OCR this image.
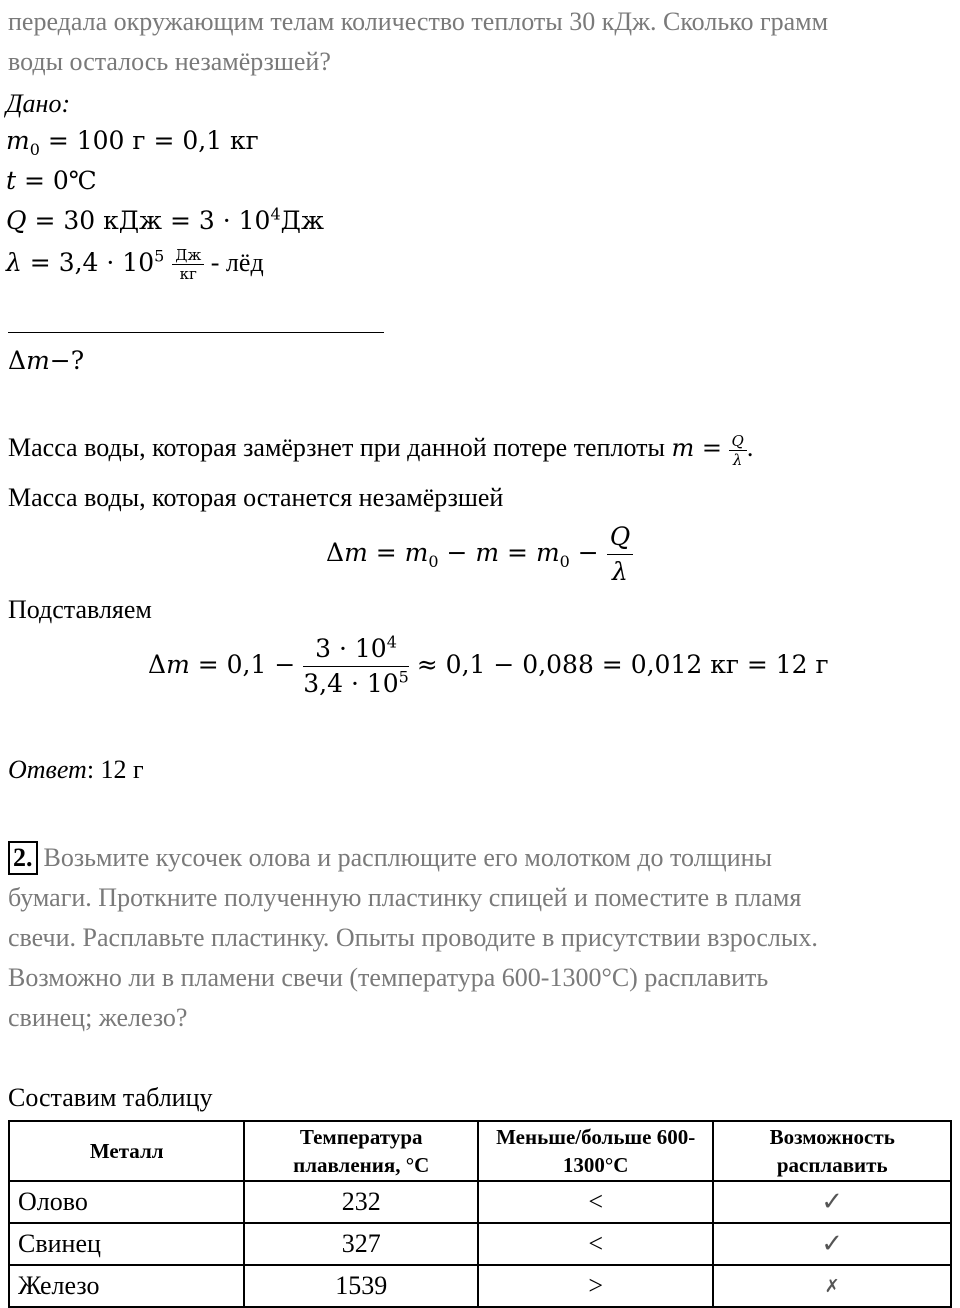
передала окружающим телам количество теплоты 30 кДж. Сколько грамм
воды осталось незамёрзшей?
Дано:
$m_0 = 100$ г = 0,1 кг
t = 0℃
Q = 30 кДж = $3 \cdot 10^4Дж$
$\lambda = 3,4 \cdot 10^5 \frac{Дж}{кг}$ - лёд
Δm−?
Масса воды, которая замёрзнет при данной потере теплоты $m = \frac{Q}{\lambda}$ .
Масса воды, которая останется незамёрзшей
$\Delta m = m_0 - m = m_0 - \frac{Q}{\lambda}$
Подставляем
$\Delta m = 0,1 - \frac{3 \cdot 10^4}{3,4 \cdot 10^5} \approx 0,1 - 0,088 = 0,012$ кг = 12 г
Ответ: 12 г
2. Возьмите кусочек олова и расплющите его молотком до толщины
бумаги. Проткните полученную пластинку спицей и поместите в пламя
свечи. Расплавьте пластинку. Опыты проводите в присутствии взрослых.
Возможно ли в пламени свечи (температура 600-1300°С) расплавить
свинец; железо?
Составим таблицу
Металл	Температура плавления, °С	Меньше/больше 600-1300°С	Возможность расплавить
Олово	232	<	✓
Свинец	327	<	✓
Железо	1539	>	✗
